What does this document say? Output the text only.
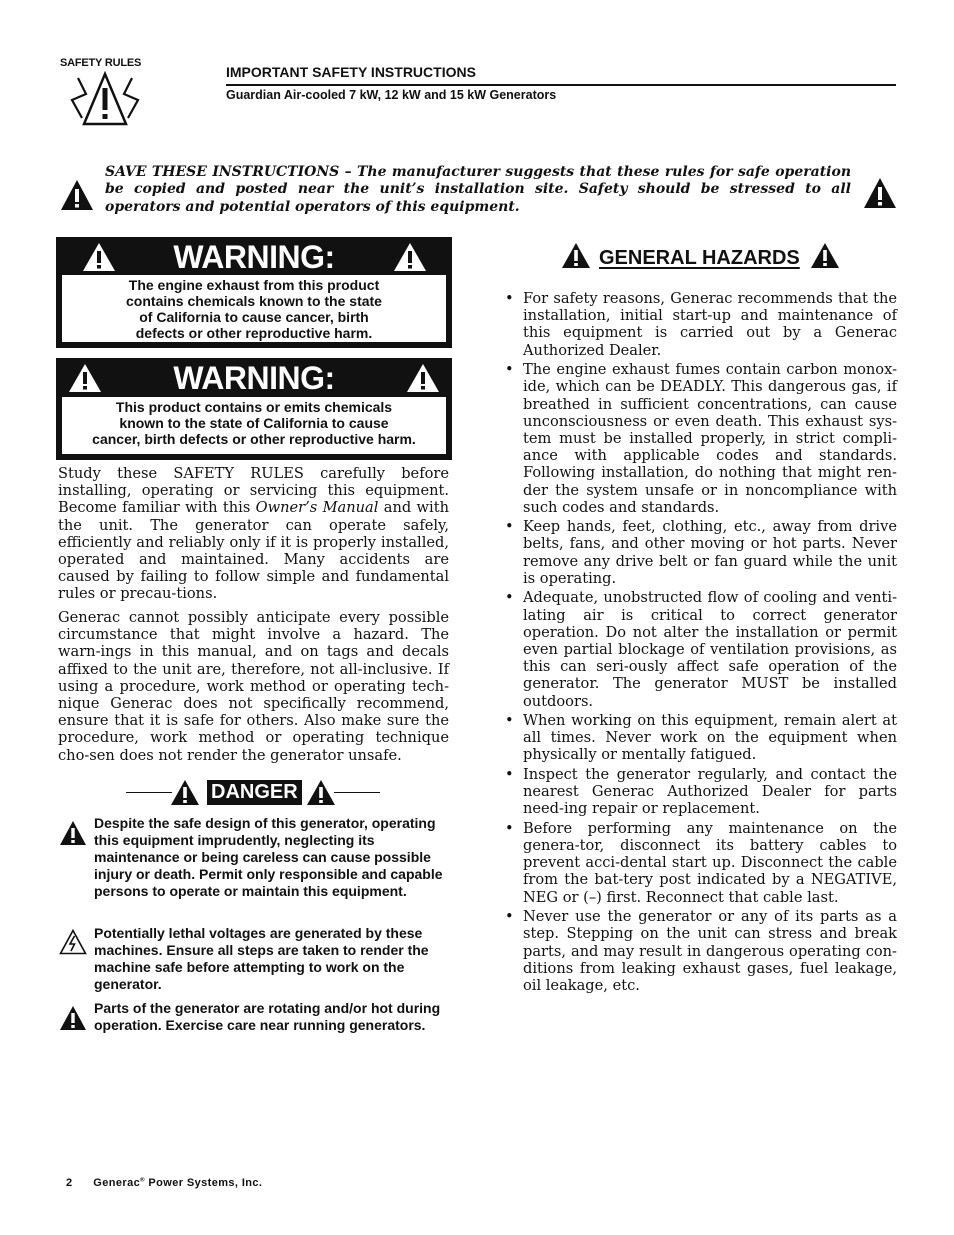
SAFETY RULES
IMPORTANT SAFETY INSTRUCTIONS
Guardian Air-cooled 7 kW, 12 kW and 15 kW Generators
SAVE THESE INSTRUCTIONS – The manufacturer suggests that these rules for safe operation be copied and posted near the unit’s installation site. Safety should be stressed to all operators and potential operators of this equipment.
WARNING:
The engine exhaust from this product
contains chemicals known to the state
of California to cause cancer, birth
defects or other reproductive harm.
WARNING:
This product contains or emits chemicals
known to the state of California to cause
cancer, birth defects or other reproductive harm.

Study these SAFETY RULES carefully before installing, operating or servicing this equipment. Become familiar with this Owner’s Manual and with the unit. The generator can operate safely, efficiently and reliably only if it is properly installed, operated and maintained. Many accidents are caused by failing to follow simple and fundamental rules or precau-tions.

Generac cannot possibly anticipate every possible circumstance that might involve a hazard. The warn-ings in this manual, and on tags and decals affixed to the unit are, therefore, not all-inclusive. If using a procedure, work method or operating tech-nique Generac does not specifically recommend, ensure that it is safe for others. Also make sure the procedure, work method or operating technique cho-sen does not render the generator unsafe.

DANGER
Despite the safe design of this generator, operating this equipment imprudently, neglecting its maintenance or being careless can cause possible injury or death. Permit only responsible and capable persons to operate or maintain this equipment.
Potentially lethal voltages are generated by these machines. Ensure all steps are taken to render the machine safe before attempting to work on the generator.
Parts of the generator are rotating and/or hot during operation. Exercise care near running generators.
GENERAL HAZARDS
• For safety reasons, Generac recommends that the installation, initial start-up and maintenance of this equipment is carried out by a Generac Authorized Dealer.
• The engine exhaust fumes contain carbon monox-ide, which can be DEADLY. This dangerous gas, if breathed in sufficient concentrations, can cause unconsciousness or even death. This exhaust sys-tem must be installed properly, in strict compli-ance with applicable codes and standards. Following installation, do nothing that might ren-der the system unsafe or in noncompliance with such codes and standards.
• Keep hands, feet, clothing, etc., away from drive belts, fans, and other moving or hot parts. Never remove any drive belt or fan guard while the unit is operating.
• Adequate, unobstructed flow of cooling and venti-lating air is critical to correct generator operation. Do not alter the installation or permit even partial blockage of ventilation provisions, as this can seri-ously affect safe operation of the generator. The generator MUST be installed outdoors.
• When working on this equipment, remain alert at all times. Never work on the equipment when physically or mentally fatigued.
• Inspect the generator regularly, and contact the nearest Generac Authorized Dealer for parts need-ing repair or replacement.
• Before performing any maintenance on the genera-tor, disconnect its battery cables to prevent acci-dental start up. Disconnect the cable from the bat-tery post indicated by a NEGATIVE, NEG or (–) first. Reconnect that cable last.
• Never use the generator or any of its parts as a step. Stepping on the unit can stress and break parts, and may result in dangerous operating con-ditions from leaking exhaust gases, fuel leakage, oil leakage, etc.
2 Generac® Power Systems, Inc.
